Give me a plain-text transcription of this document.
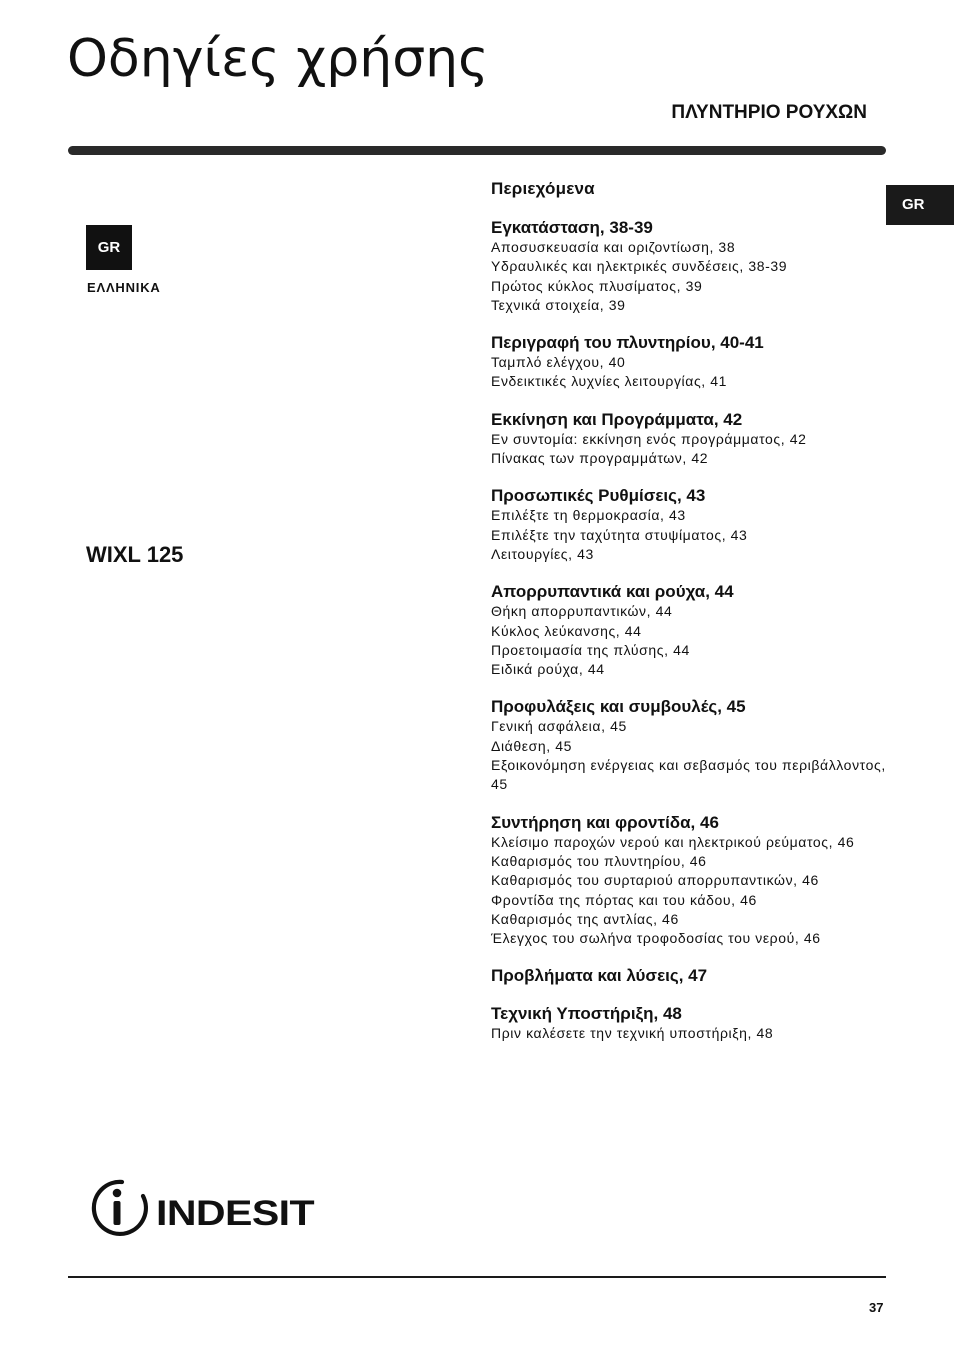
Οδηγίες χρήσης
ΠΛΥΝΤΗΡΙΟ ΡΟΥΧΩΝ
GR
GR
ΕΛΛΗΝΙΚΑ
WIXL 125
Περιεχόμενα
Εγκατάσταση, 38-39
Αποσυσκευασία και οριζοντίωση, 38
Υδραυλικές και ηλεκτρικές συνδέσεις, 38-39
Πρώτος κύκλος πλυσίματος, 39
Τεχνικά στοιχεία, 39
Περιγραφή του πλυντηρίου, 40-41
Ταμπλό ελέγχου, 40
Ενδεικτικές λυχνίες λειτουργίας, 41
Εκκίνηση και Προγράμματα, 42
Εν συντομία: εκκίνηση ενός προγράμματος, 42
Πίνακας των προγραμμάτων, 42
Προσωπικές Ρυθμίσεις, 43
Επιλέξτε τη θερμοκρασία, 43
Επιλέξτε την ταχύτητα στυψίματος, 43
Λειτουργίες, 43
Απορρυπαντικά και ρούχα, 44
Θήκη απορρυπαντικών, 44
Κύκλος λεύκανσης, 44
Προετοιμασία της πλύσης, 44
Ειδικά ρούχα, 44
Προφυλάξεις και συμβουλές, 45
Γενική ασφάλεια, 45
Διάθεση, 45
Εξοικονόμηση ενέργειας και σεβασμός του περιβάλλοντος, 45
Συντήρηση και φροντίδα, 46
Κλείσιμο παροχών νερού και ηλεκτρικού ρεύματος, 46
Καθαρισμός του πλυντηρίου, 46
Καθαρισμός του συρταριού απορρυπαντικών, 46
Φροντίδα της πόρτας και του κάδου, 46
Καθαρισμός της αντλίας, 46
Έλεγχος του σωλήνα τροφοδοσίας του νερού, 46
Προβλήματα και λύσεις, 47
Τεχνική Υποστήριξη, 48
Πριν καλέσετε την τεχνική υποστήριξη, 48
INDESIT
37
